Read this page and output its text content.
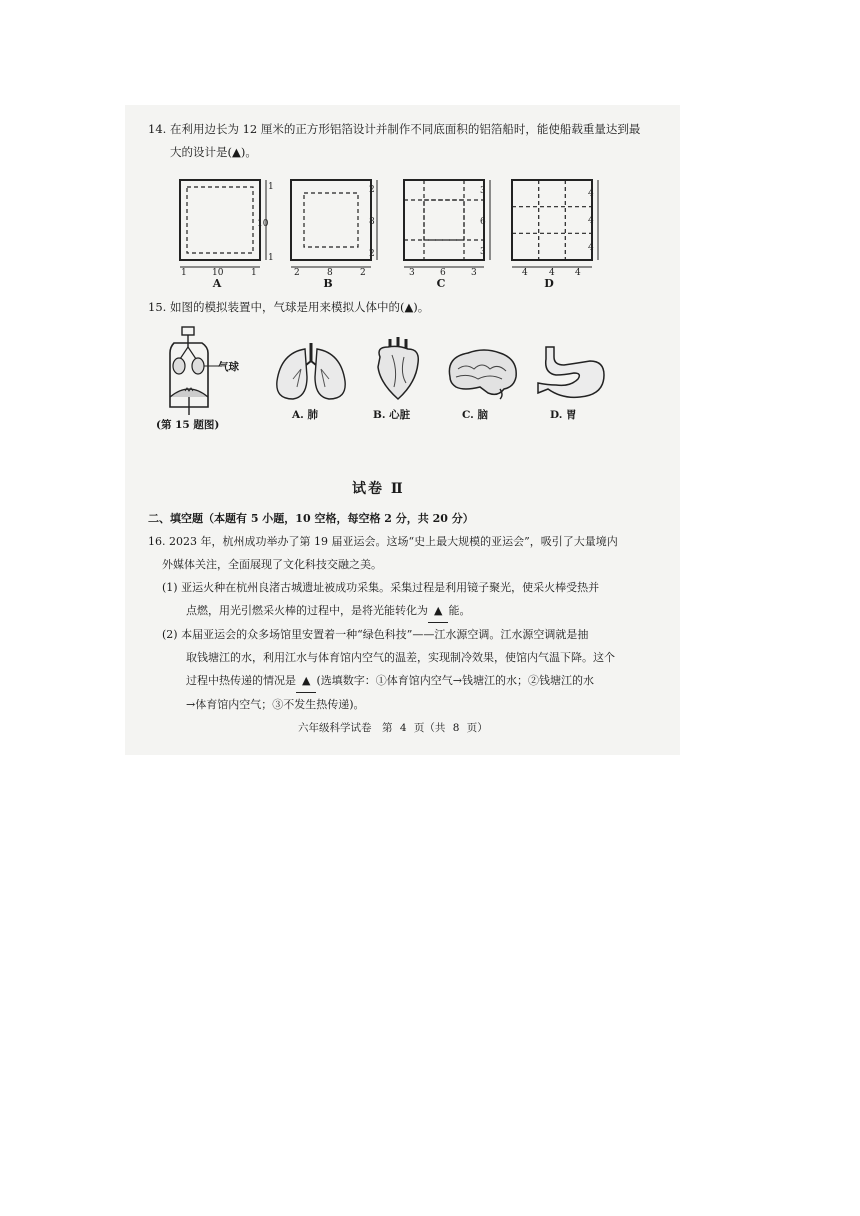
14. 在利用边长为 12 厘米的正方形铝箔设计并制作不同底面积的铝箔船时，能使船载重量达到最
大的设计是(▲)。
1
10
1
1	10	1
A
2
8
2
2	8	2
B
3
6
3
3	6	3
C
4
4
4
4 4 4
D
15. 如图的模拟装置中，气球是用来模拟人体中的(▲)。
气球
(第 15 题图)
A. 肺	B. 心脏	C. 脑	D. 胃
试卷 Ⅱ
二、填空题（本题有 5 小题，10 空格，每空格 2 分，共 20 分）
16. 2023 年，杭州成功举办了第 19 届亚运会。这场“史上最大规模的亚运会”，吸引了大量境内
外媒体关注，全面展现了文化科技交融之美。
(1) 亚运火种在杭州良渚古城遗址被成功采集。采集过程是利用镜子聚光，使采火棒受热并
点燃，用光引燃采火棒的过程中，是将光能转化为 ▲ 能。
(2) 本届亚运会的众多场馆里安置着一种“绿色科技”——江水源空调。江水源空调就是抽
取钱塘江的水，利用江水与体育馆内空气的温差，实现制冷效果，使馆内气温下降。这个
过程中热传递的情况是 ▲ (选填数字：①体育馆内空气→钱塘江的水；②钱塘江的水
→体育馆内空气；③不发生热传递)。
六年级科学试卷　第 4 页（共 8 页）
